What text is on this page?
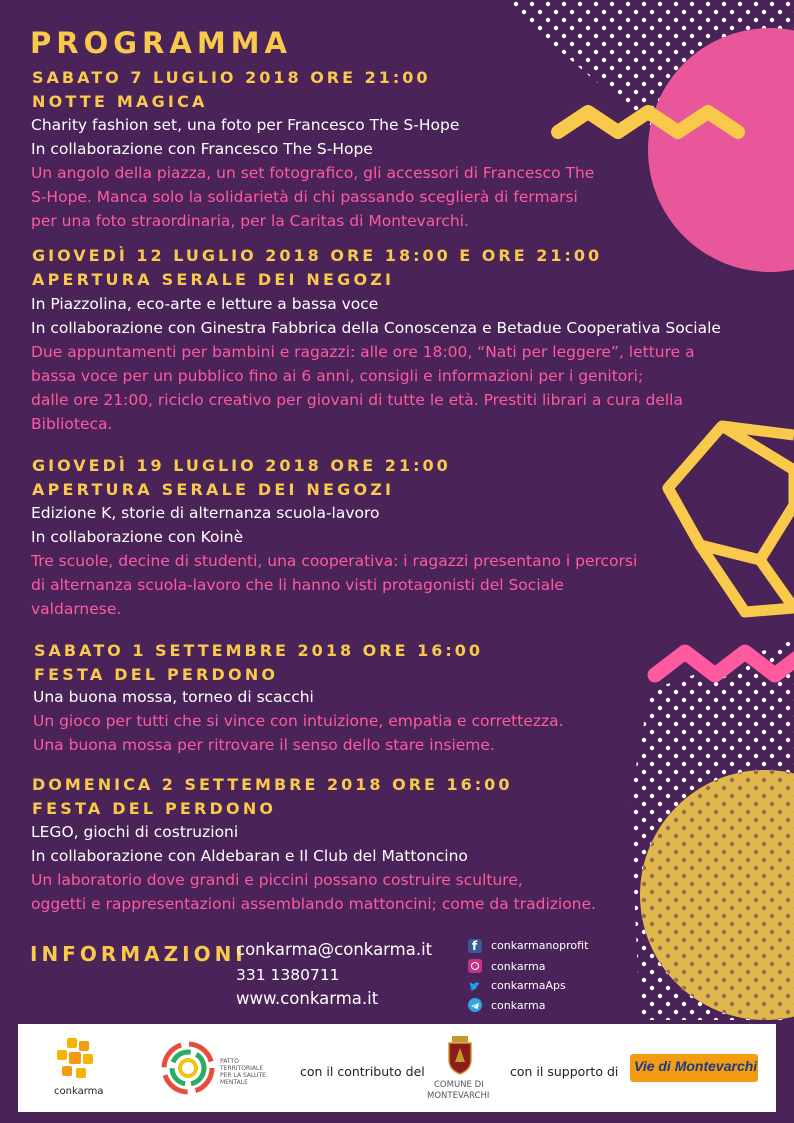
PROGRAMMA
SABATO 7 LUGLIO 2018 ORE 21:00
NOTTE MAGICA
Charity fashion set, una foto per Francesco The S-Hope
In collaborazione con Francesco The S-Hope
Un angolo della piazza, un set fotografico, gli accessori di Francesco The
S-Hope. Manca solo la solidarietà di chi passando sceglierà di fermarsi
per una foto straordinaria, per la Caritas di Montevarchi.
GIOVEDÌ 12 LUGLIO 2018 ORE 18:00 E ORE 21:00
APERTURA SERALE DEI NEGOZI
In Piazzolina, eco-arte e letture a bassa voce
In collaborazione con Ginestra Fabbrica della Conoscenza e Betadue Cooperativa Sociale
Due appuntamenti per bambini e ragazzi: alle ore 18:00, “Nati per leggere”, letture a
bassa voce per un pubblico fino ai 6 anni, consigli e informazioni per i genitori;
dalle ore 21:00, riciclo creativo per giovani di tutte le età. Prestiti librari a cura della
Biblioteca.
GIOVEDÌ 19 LUGLIO 2018 ORE 21:00
APERTURA SERALE DEI NEGOZI
Edizione K, storie di alternanza scuola-lavoro
In collaborazione con Koinè
Tre scuole, decine di studenti, una cooperativa: i ragazzi presentano i percorsi
di alternanza scuola-lavoro che li hanno visti protagonisti del Sociale
valdarnese.
SABATO 1 SETTEMBRE 2018 ORE 16:00
FESTA DEL PERDONO
Una buona mossa, torneo di scacchi
Un gioco per tutti che si vince con intuizione, empatia e correttezza.
Una buona mossa per ritrovare il senso dello stare insieme.
DOMENICA 2 SETTEMBRE 2018 ORE 16:00
FESTA DEL PERDONO
LEGO, giochi di costruzioni
In collaborazione con Aldebaran e Il Club del Mattoncino
Un laboratorio dove grandi e piccini possano costruire sculture,
oggetti e rappresentazioni assemblando mattoncini; come da tradizione.
INFORMAZIONI
conkarma@conkarma.it
331 1380711
www.conkarma.it
f conkarmanoprofit
conkarma
conkarmaAps
conkarma
conkarma
PATTO TERRITORIALE PER LA SALUTE MENTALE
con il contributo del
COMUNE DI
MONTEVARCHI
con il supporto di Vie di Montevarchi
